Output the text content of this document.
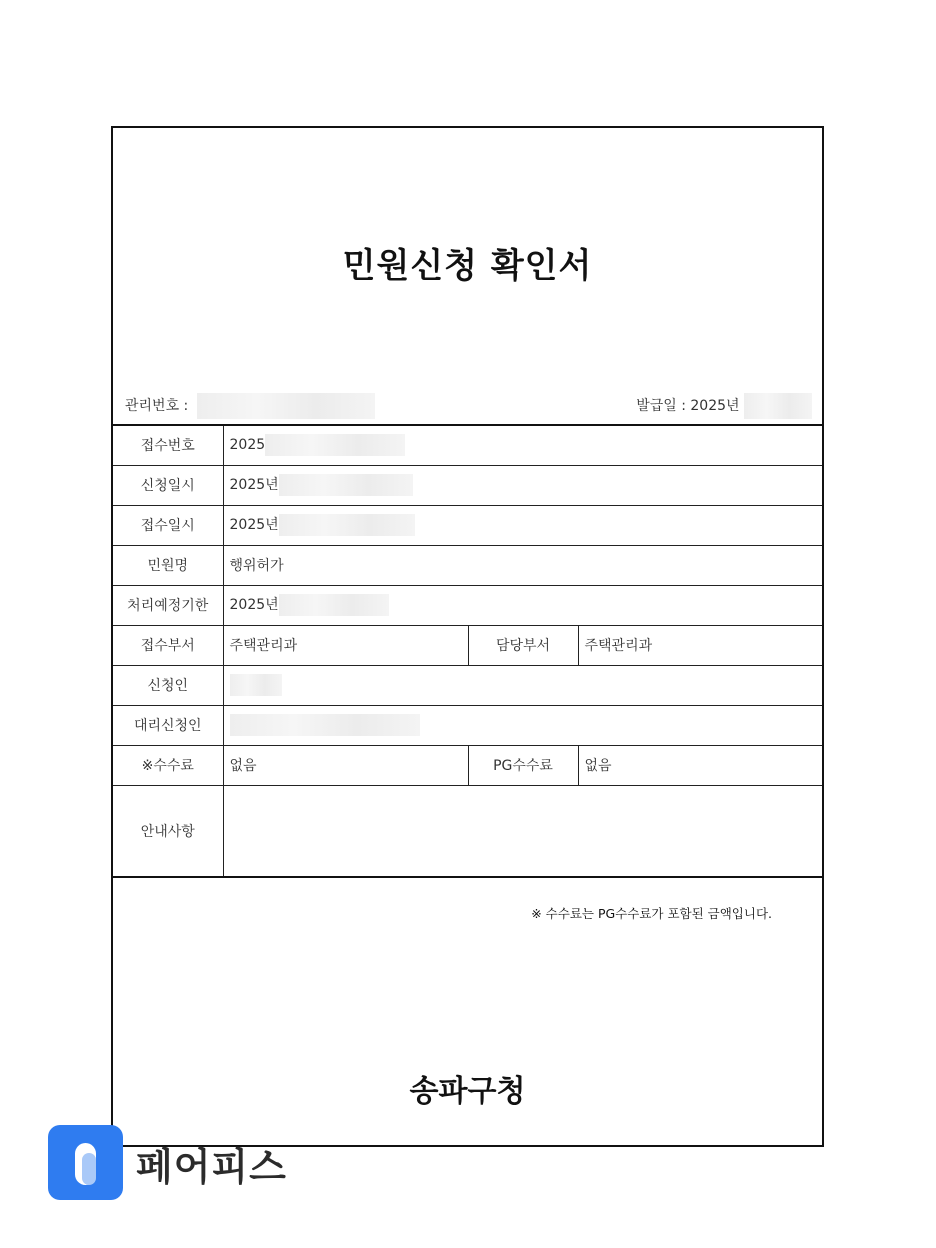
민원신청 확인서
관리번호 :	발급일 : 2025년
접수번호	2025		
신청일시	2025년		
접수일시	2025년		
민원명	행위허가		
처리예정기한	2025년		
접수부서	주택관리과	담당부서	주택관리과
신청인			
대리신청인			
※수수료	없음	PG수수료	없음
안내사항			
※ 수수료는 PG수수료가 포함된 금액입니다.
송파구청
페어피스
